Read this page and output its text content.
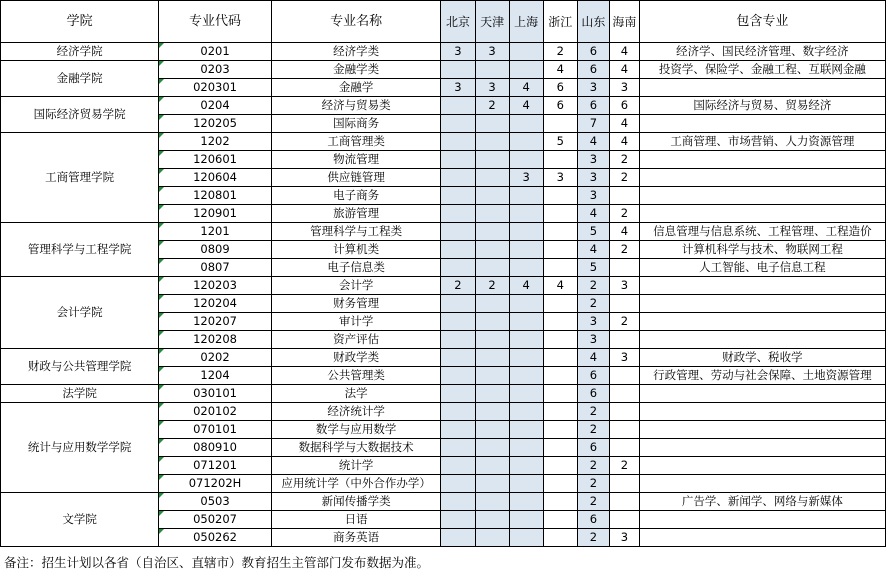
学院	专业代码	专业名称	北京	天津	上海	浙江	山东	海南	包含专业
经济学院	0201	经济学类	3	3		2	6	4	经济学、国民经济管理、数字经济
金融学院	0203	金融学类				4	6	4	投资学、保险学、金融工程、互联网金融
	020301	金融学	3	3	4	6	3	3	
国际经济贸易学院	0204	经济与贸易类		2	4	6	6	6	国际经济与贸易、贸易经济
	120205	国际商务					7	4	
工商管理学院	1202	工商管理类				5	4	4	工商管理、市场营销、人力资源管理
	120601	物流管理					3	2	
	120604	供应链管理			3	3	3	2	
	120801	电子商务					3		
	120901	旅游管理					4	2	
管理科学与工程学院	1201	管理科学与工程类					5	4	信息管理与信息系统、工程管理、工程造价
	0809	计算机类					4	2	计算机科学与技术、物联网工程
	0807	电子信息类					5		人工智能、电子信息工程
会计学院	120203	会计学	2	2	4	4	2	3	
	120204	财务管理					2		
	120207	审计学					3	2	
	120208	资产评估					3		
财政与公共管理学院	0202	财政学类					4	3	财政学、税收学
	1204	公共管理类					6		行政管理、劳动与社会保障、土地资源管理
法学院	030101	法学					6		
统计与应用数学学院	020102	经济统计学					2		
	070101	数学与应用数学					2		
	080910	数据科学与大数据技术					6		
	071201	统计学					2	2	
	071202H	应用统计学（中外合作办学）					2		
文学院	0503	新闻传播学类					2		广告学、新闻学、网络与新媒体
	050207	日语					6		
	050262	商务英语					2	3	
备注：招生计划以各省（自治区、直辖市）教育招生主管部门发布数据为准。
